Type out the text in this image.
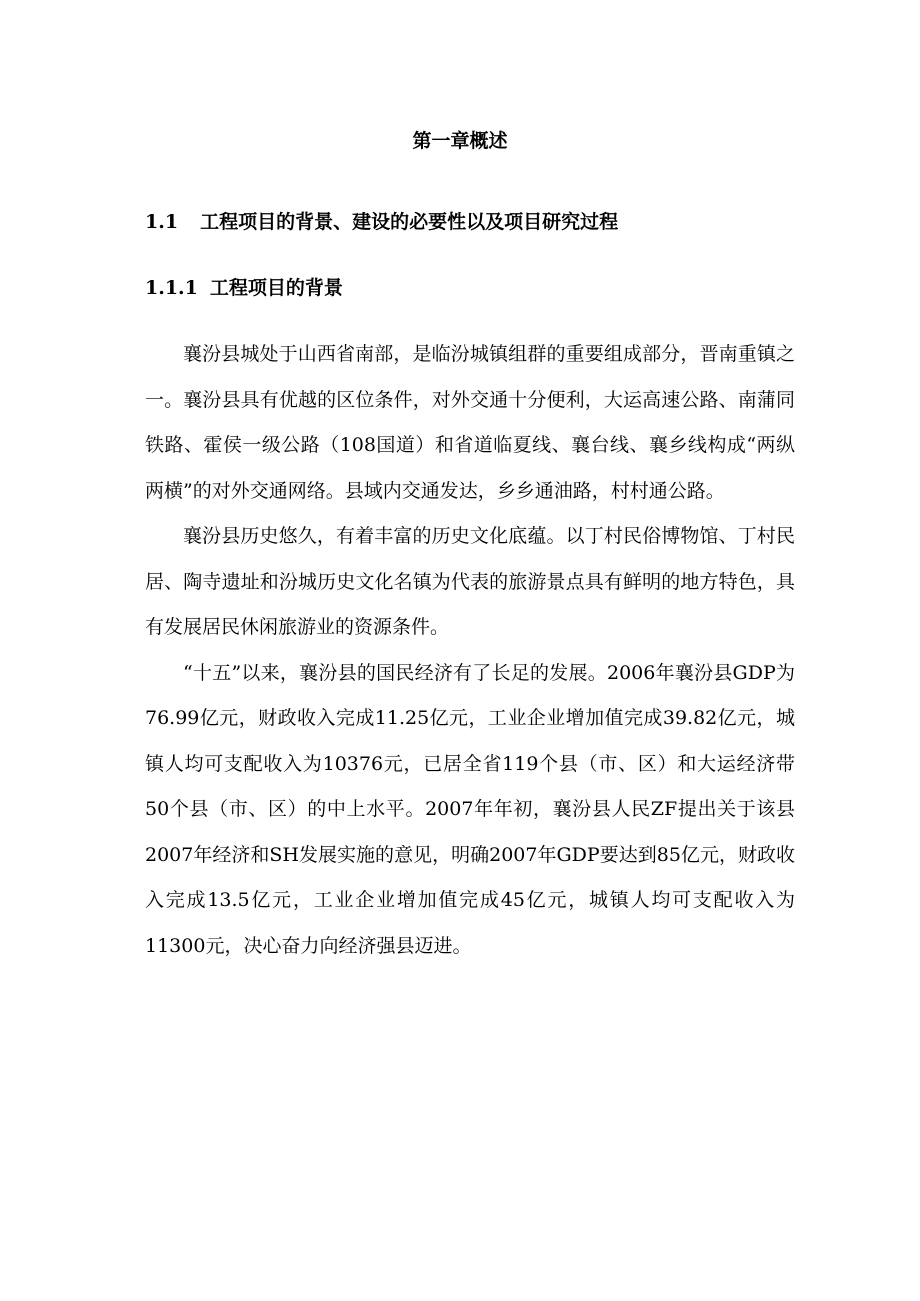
第一章概述
1.1 工程项目的背景、建设的必要性以及项目研究过程
1.1.1 工程项目的背景

襄汾县城处于山西省南部，是临汾城镇组群的重要组成部分，晋南重镇之一。襄汾县具有优越的区位条件，对外交通十分便利，大运高速公路、南蒲同铁路、霍侯一级公路（108国道）和省道临夏线、襄台线、襄乡线构成“两纵两横”的对外交通网络。县域内交通发达，乡乡通油路，村村通公路。

襄汾县历史悠久，有着丰富的历史文化底蕴。以丁村民俗博物馆、丁村民居、陶寺遗址和汾城历史文化名镇为代表的旅游景点具有鲜明的地方特色，具有发展居民休闲旅游业的资源条件。

“十五”以来，襄汾县的国民经济有了长足的发展。2006年襄汾县GDP为76.99亿元，财政收入完成11.25亿元，工业企业增加值完成39.82亿元，城镇人均可支配收入为10376元，已居全省119个县（市、区）和大运经济带50个县（市、区）的中上水平。2007年年初，襄汾县人民ZF提出关于该县2007年经济和SH发展实施的意见，明确2007年GDP要达到85亿元，财政收入完成13.5亿元，工业企业增加值完成45亿元，城镇人均可支配收入为11300元，决心奋力向经济强县迈进。
